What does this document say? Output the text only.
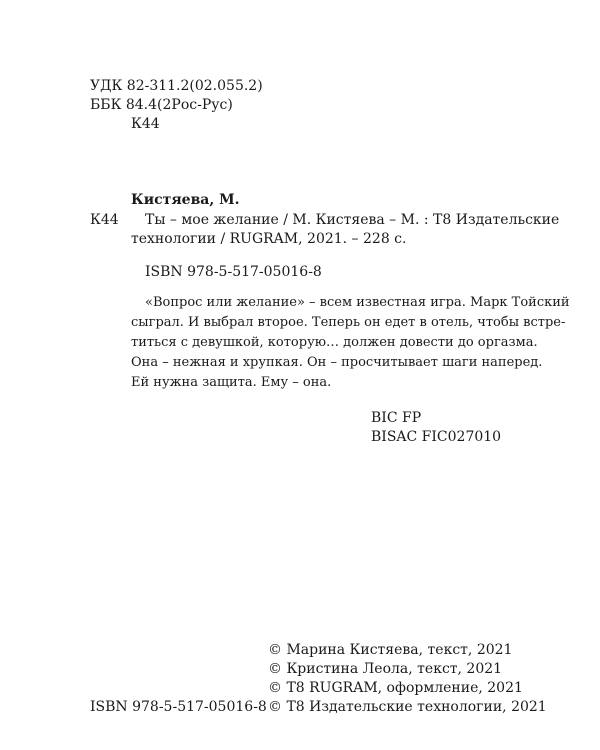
УДК 82-311.2(02.055.2)
ББК 84.4(2Рос-Рус)
К44
Кистяева, М.
К44 Ты – мое желание / М. Кистяева – М. : T8 Издательские
технологии / RUGRAM, 2021. – 228 с.
ISBN 978-5-517-05016-8
«Вопрос или желание» – всем известная игра. Марк Тойский
сыграл. И выбрал второе. Теперь он едет в отель, чтобы встре-
титься с девушкой, которую… должен довести до оргазма.
Она – нежная и хрупкая. Он – просчитывает шаги наперед.
Ей нужна защита. Ему – она.
BIC FP
BISAC FIC027010
© Марина Кистяева, текст, 2021
© Кристина Леола, текст, 2021
© T8 RUGRAM, оформление, 2021
ISBN 978-5-517-05016-8 © T8 Издательские технологии, 2021
